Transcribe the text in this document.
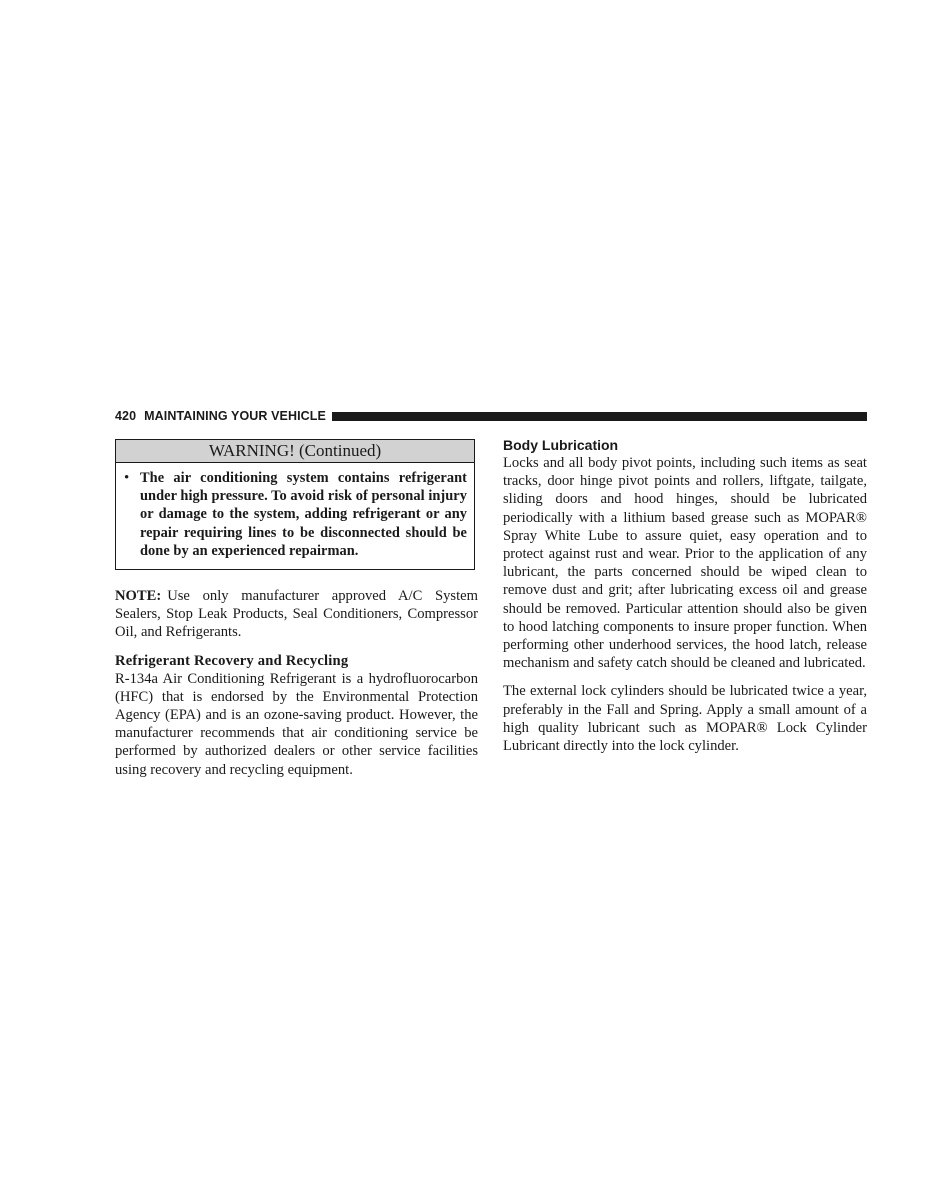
420 MAINTAINING YOUR VEHICLE
WARNING! (Continued)
• The air conditioning system contains refrigerant under high pressure. To avoid risk of personal injury or damage to the system, adding refrigerant or any repair requiring lines to be disconnected should be done by an experienced repairman.

NOTE: Use only manufacturer approved A/C System Sealers, Stop Leak Products, Seal Conditioners, Compressor Oil, and Refrigerants.

Refrigerant Recovery and Recycling

R-134a Air Conditioning Refrigerant is a hydrofluorocarbon (HFC) that is endorsed by the Environmental Protection Agency (EPA) and is an ozone-saving product. However, the manufacturer recommends that air conditioning service be performed by authorized dealers or other service facilities using recovery and recycling equipment.

Body Lubrication

Locks and all body pivot points, including such items as seat tracks, door hinge pivot points and rollers, liftgate, tailgate, sliding doors and hood hinges, should be lubricated periodically with a lithium based grease such as MOPAR® Spray White Lube to assure quiet, easy operation and to protect against rust and wear. Prior to the application of any lubricant, the parts concerned should be wiped clean to remove dust and grit; after lubricating excess oil and grease should be removed. Particular attention should also be given to hood latching components to insure proper function. When performing other underhood services, the hood latch, release mechanism and safety catch should be cleaned and lubricated.

The external lock cylinders should be lubricated twice a year, preferably in the Fall and Spring. Apply a small amount of a high quality lubricant such as MOPAR® Lock Cylinder Lubricant directly into the lock cylinder.
